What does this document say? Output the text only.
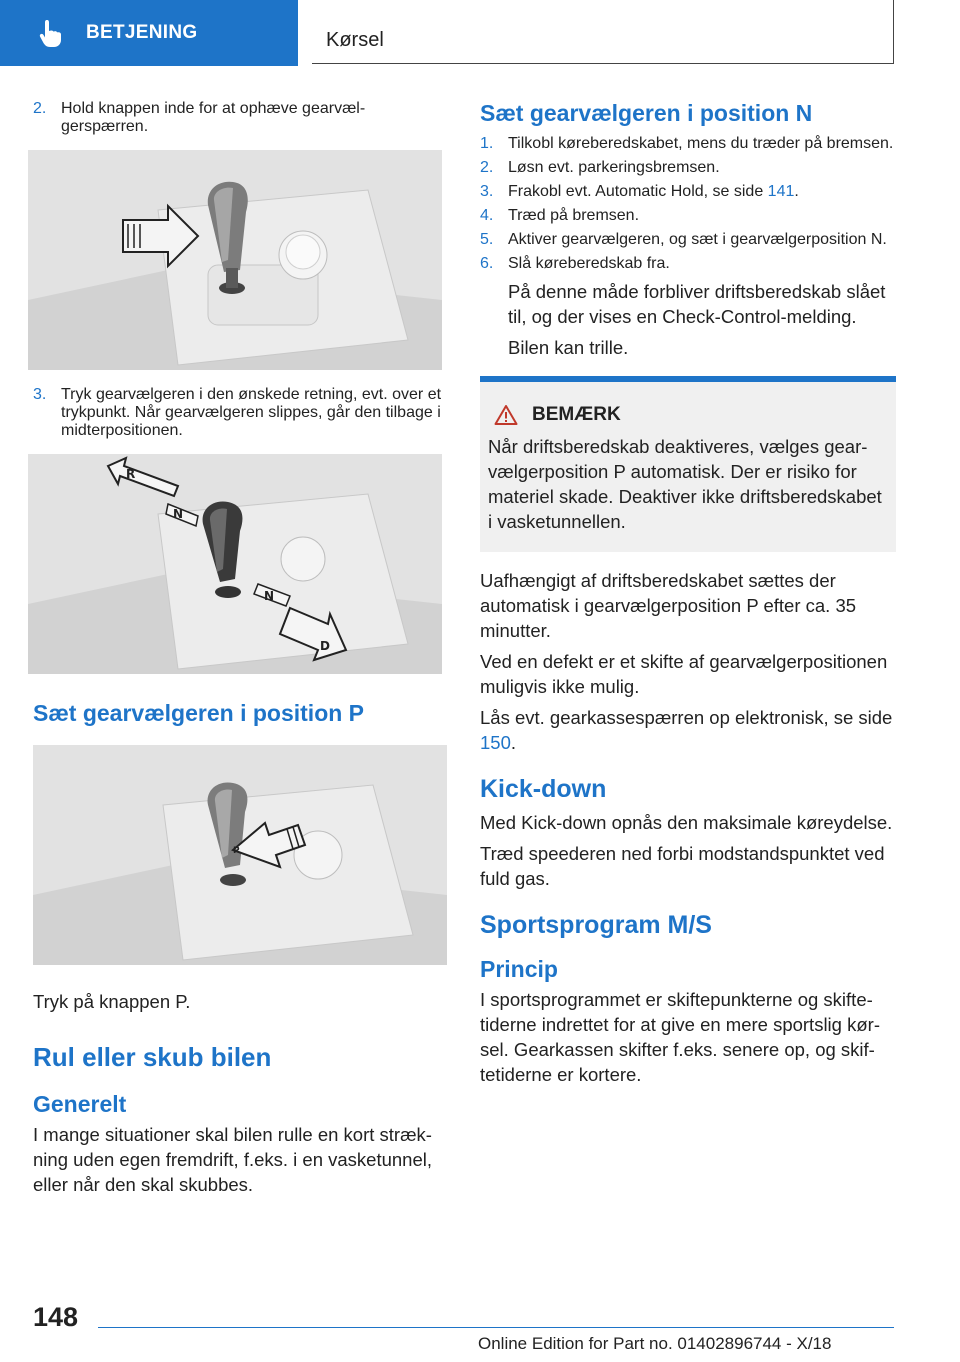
BETJENING	Kørsel
2. Hold knappen inde for at ophæve gearvælgerspærren.
3. Tryk gearvælgeren i den ønskede retning, evt. over et trykpunkt. Når gearvælgeren slippes, går den tilbage i midterpositionen.
R
N
N
D
Sæt gearvælgeren i position P
P

Tryk på knappen P.

Rul eller skub bilen
Generelt

I mange situationer skal bilen rulle en kort strækning uden egen fremdrift, f.eks. i en vasketunnel, eller når den skal skubbes.

Sæt gearvælgeren i position N
1. Tilkobl køreberedskabet, mens du træder på bremsen.
2. Løsn evt. parkeringsbremsen.
3. Frakobl evt. Automatic Hold, se side 141.
4. Træd på bremsen.
5. Aktiver gearvælgeren, og sæt i gearvælgerposition N.
6. Slå køreberedskab fra.

På denne måde forbliver driftsberedskab slået til, og der vises en Check-Control-melding.

Bilen kan trille.

BEMÆRK

Når driftsberedskab deaktiveres, vælges gearvælgerposition P automatisk. Der er risiko for materiel skade. Deaktiver ikke driftsberedskabet i vasketunnellen.

Uafhængigt af driftsberedskabet sættes der automatisk i gearvælgerposition P efter ca. 35 minutter.

Ved en defekt er et skifte af gearvælgerpositionen muligvis ikke mulig.

Lås evt. gearkassespærren op elektronisk, se side 150.

Kick-down

Med Kick-down opnås den maksimale køreydelse.

Træd speederen ned forbi modstandspunktet ved fuld gas.

Sportsprogram M/S
Princip

I sportsprogrammet er skiftepunkterne og skiftetiderne indrettet for at give en mere sportslig kørsel. Gearkassen skifter f.eks. senere op, og skiftetiderne er kortere.

148
Online Edition for Part no. 01402896744 - X/18
